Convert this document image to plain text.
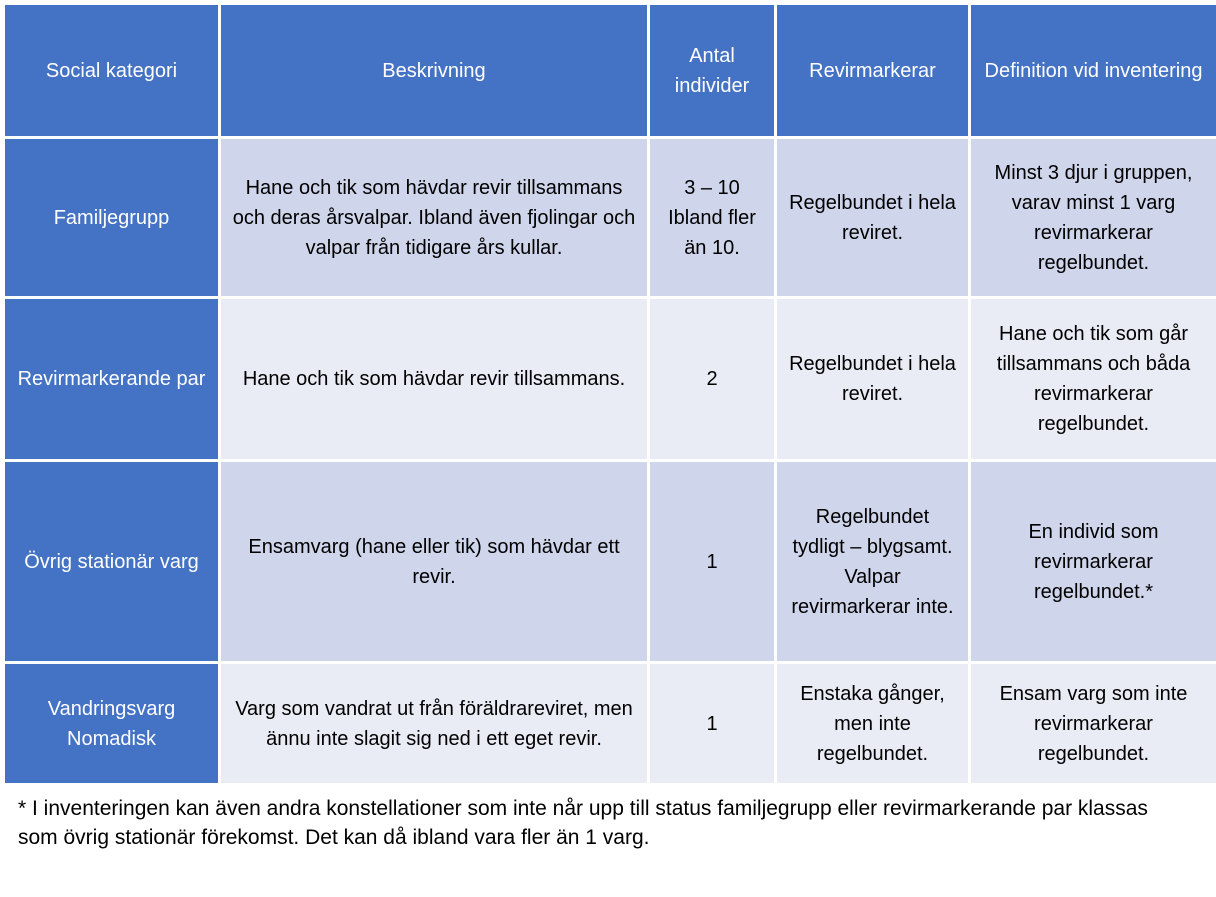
Social kategori	Beskrivning	Antal individer	Revirmarkerar	Definition vid inventering
Familjegrupp	Hane och tik som hävdar revir tillsammans och deras årsvalpar. Ibland även fjolingar och valpar från tidigare års kullar.	3 – 10 Ibland fler än 10.	Regelbundet i hela reviret.	Minst 3 djur i gruppen, varav minst 1 varg revirmarkerar regelbundet.
Revirmarkerande par	Hane och tik som hävdar revir tillsammans.	2	Regelbundet i hela reviret.	Hane och tik som går tillsammans och båda revirmarkerar regelbundet.
Övrig stationär varg	Ensamvarg (hane eller tik) som hävdar ett revir.	1	Regelbundet tydligt – blygsamt. Valpar revirmarkerar inte.	En individ som revirmarkerar regelbundet.*
Vandringsvarg Nomadisk	Varg som vandrat ut från föräldrareviret, men ännu inte slagit sig ned i ett eget revir.	1	Enstaka gånger, men inte regelbundet.	Ensam varg som inte revirmarkerar regelbundet.
* I inventeringen kan även andra konstellationer som inte når upp till status familjegrupp eller revirmarkerande par klassas som övrig stationär förekomst. Det kan då ibland vara fler än 1 varg.
